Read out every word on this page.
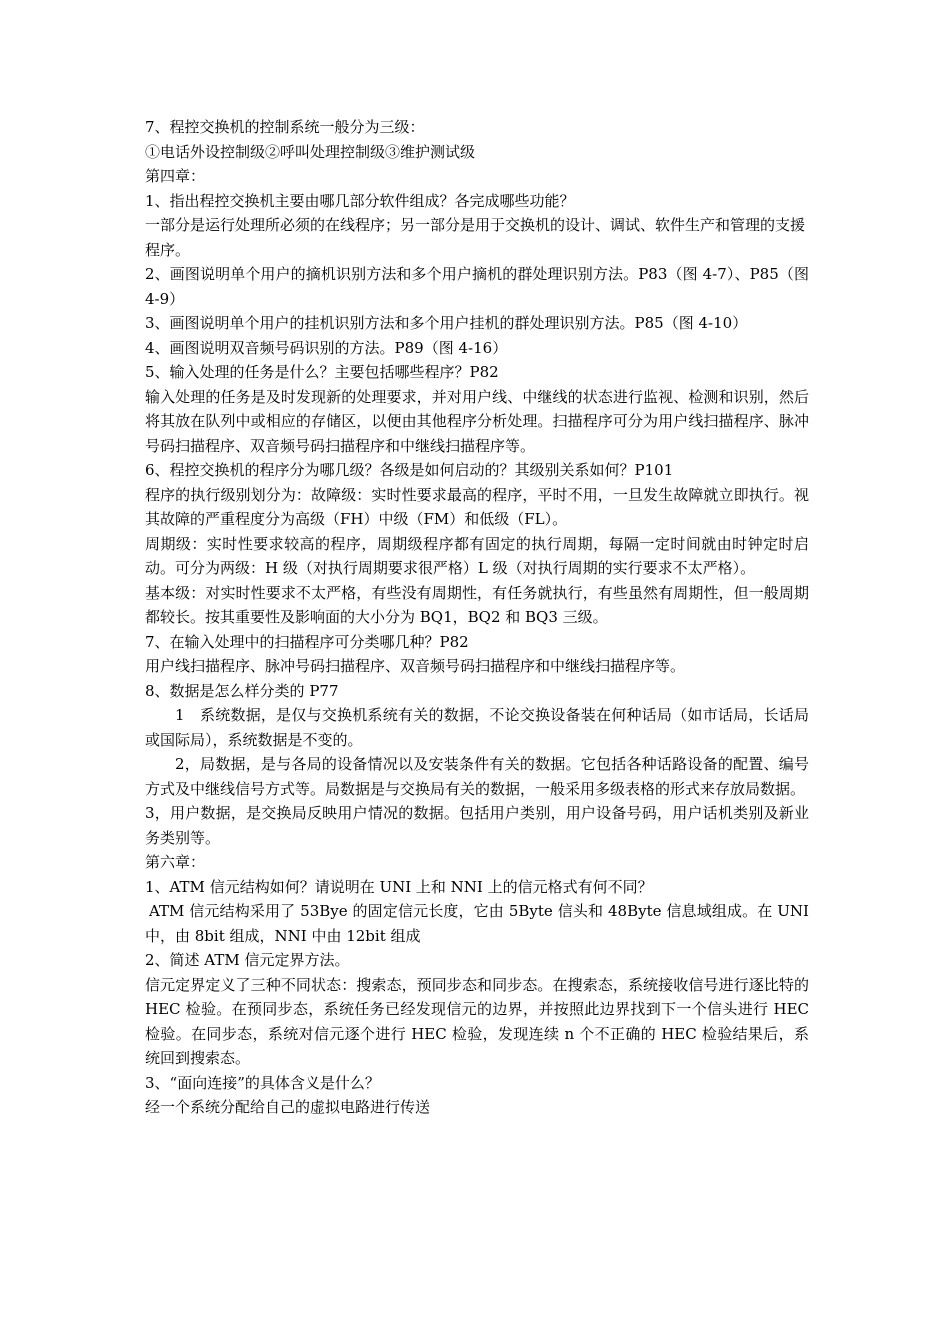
7、程控交换机的控制系统一般分为三级：
①电话外设控制级②呼叫处理控制级③维护测试级
第四章：
1、指出程控交换机主要由哪几部分软件组成？各完成哪些功能？
一部分是运行处理所必须的在线程序；另一部分是用于交换机的设计、调试、软件生产和管理的支援
程序。
2、画图说明单个用户的摘机识别方法和多个用户摘机的群处理识别方法。P83（图 4-7）、P85（图 4-9）
3、画图说明单个用户的挂机识别方法和多个用户挂机的群处理识别方法。P85（图 4-10）
4、画图说明双音频号码识别的方法。P89（图 4-16）
5、输入处理的任务是什么？主要包括哪些程序？P82
输入处理的任务是及时发现新的处理要求，并对用户线、中继线的状态进行监视、检测和识别，然后将其放在队列中或相应的存储区，以便由其他程序分析处理。扫描程序可分为用户线扫描程序、脉冲号码扫描程序、双音频号码扫描程序和中继线扫描程序等。
6、程控交换机的程序分为哪几级？各级是如何启动的？其级别关系如何？P101
程序的执行级别划分为：故障级：实时性要求最高的程序，平时不用，一旦发生故障就立即执行。视其故障的严重程度分为高级（FH）中级（FM）和低级（FL）。
周期级：实时性要求较高的程序，周期级程序都有固定的执行周期，每隔一定时间就由时钟定时启动。可分为两级：H 级（对执行周期要求很严格）L 级（对执行周期的实行要求不太严格）。
基本级：对实时性要求不太严格，有些没有周期性，有任务就执行，有些虽然有周期性，但一般周期都较长。按其重要性及影响面的大小分为 BQ1，BQ2 和 BQ3 三级。
7、在输入处理中的扫描程序可分类哪几种？P82
用户线扫描程序、脉冲号码扫描程序、双音频号码扫描程序和中继线扫描程序等。
8、数据是怎么样分类的 P77
1　系统数据，是仅与交换机系统有关的数据，不论交换设备装在何种话局（如市话局，长话局或国际局），系统数据是不变的。
2，局数据，是与各局的设备情况以及安装条件有关的数据。它包括各种话路设备的配置、编号方式及中继线信号方式等。局数据是与交换局有关的数据，一般采用多级表格的形式来存放局数据。
3，用户数据，是交换局反映用户情况的数据。包括用户类别，用户设备号码，用户话机类别及新业务类别等。
第六章：
1、ATM 信元结构如何？请说明在 UNI 上和 NNI 上的信元格式有何不同？
ATM 信元结构采用了 53Bye 的固定信元长度，它由 5Byte 信头和 48Byte 信息域组成。在 UNI 中，由 8bit 组成，NNI 中由 12bit 组成
2、简述 ATM 信元定界方法。
信元定界定义了三种不同状态：搜索态，预同步态和同步态。在搜索态，系统接收信号进行逐比特的 HEC 检验。在预同步态，系统任务已经发现信元的边界，并按照此边界找到下一个信头进行 HEC 检验。在同步态，系统对信元逐个进行 HEC 检验，发现连续 n 个不正确的 HEC 检验结果后，系统回到搜索态。
3、“面向连接”的具体含义是什么？
经一个系统分配给自己的虚拟电路进行传送
